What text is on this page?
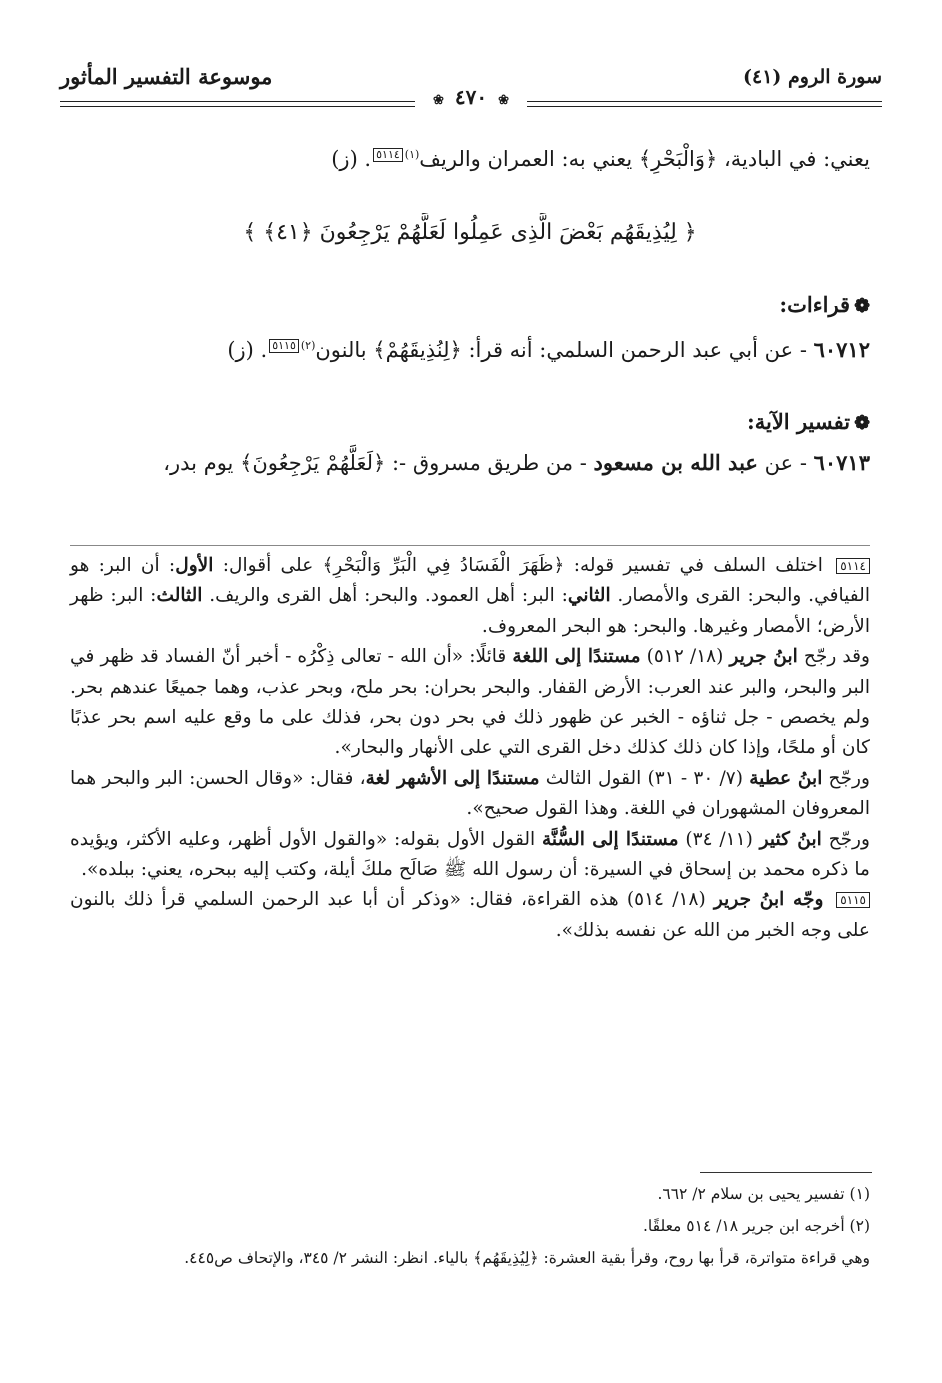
سورة الروم (٤١)
موسوعة التفسير المأثور
❀ ٤٧٠ ❀
يعني: في البادية، ﴿وَالْبَحْرِ﴾ يعني به: العمران والريف$^{(١)}$٥١١٤. (ز)
﴿ لِيُذِيقَهُم بَعْضَ الَّذِى عَمِلُوا لَعَلَّهُمْ يَرْجِعُونَ ﴿٤١﴾ ﴾
❁قراءات:
٦٠٧١٢ - عن أبي عبد الرحمن السلمي: أنه قرأ: ﴿لِنُذِيقَهُمْ﴾ بالنون$^{(٢)}$٥١١٥. (ز)
❁تفسير الآية:
٦٠٧١٣ - عن عبد الله بن مسعود - من طريق مسروق -: ﴿لَعَلَّهُمْ يَرْجِعُونَ﴾ يوم بدر،

٥١١٤ اختلف السلف في تفسير قوله: ﴿ظَهَرَ الْفَسَادُ فِي الْبَرِّ وَالْبَحْرِ﴾ على أقوال: الأول: أن البر: هو الفيافي. والبحر: القرى والأمصار. الثاني: البر: أهل العمود. والبحر: أهل القرى والريف. الثالث: البر: ظهر الأرض؛ الأمصار وغيرها. والبحر: هو البحر المعروف.

وقد رجّح ابنُ جرير (١٨/ ٥١٢) مستندًا إلى اللغة قائلًا: «أن الله - تعالى ذِكْرُه - أخبر أنّ الفساد قد ظهر في البر والبحر، والبر عند العرب: الأرض القفار. والبحر بحران: بحر ملح، وبحر عذب، وهما جميعًا عندهم بحر. ولم يخصص - جل ثناؤه - الخبر عن ظهور ذلك في بحر دون بحر، فذلك على ما وقع عليه اسم بحر عذبًا كان أو ملحًا، وإذا كان ذلك كذلك دخل القرى التي على الأنهار والبحار».

ورجّح ابنُ عطية (٧/ ٣٠ - ٣١) القول الثالث مستندًا إلى الأشهر لغة، فقال: «وقال الحسن: البر والبحر هما المعروفان المشهوران في اللغة. وهذا القول صحيح».

ورجّح ابنُ كثير (١١/ ٣٤) مستندًا إلى السُّنَّة القول الأول بقوله: «والقول الأول أظهر، وعليه الأكثر، ويؤيده ما ذكره محمد بن إسحاق في السيرة: أن رسول الله ﷺ صَالَح ملكَ أيلة، وكتب إليه ببحره، يعني: ببلده».

٥١١٥ وجّه ابنُ جرير (١٨/ ٥١٤) هذه القراءة، فقال: «وذكر أن أبا عبد الرحمن السلمي قرأ ذلك بالنون على وجه الخبر من الله عن نفسه بذلك».

(١) تفسير يحيى بن سلام ٢/ ٦٦٢.

(٢) أخرجه ابن جرير ١٨/ ٥١٤ معلقًا.

وهي قراءة متواترة، قرأ بها روح، وقرأ بقية العشرة: ﴿لِيُذِيقَهُم﴾ بالياء. انظر: النشر ٢/ ٣٤٥، والإتحاف ص٤٤٥.
